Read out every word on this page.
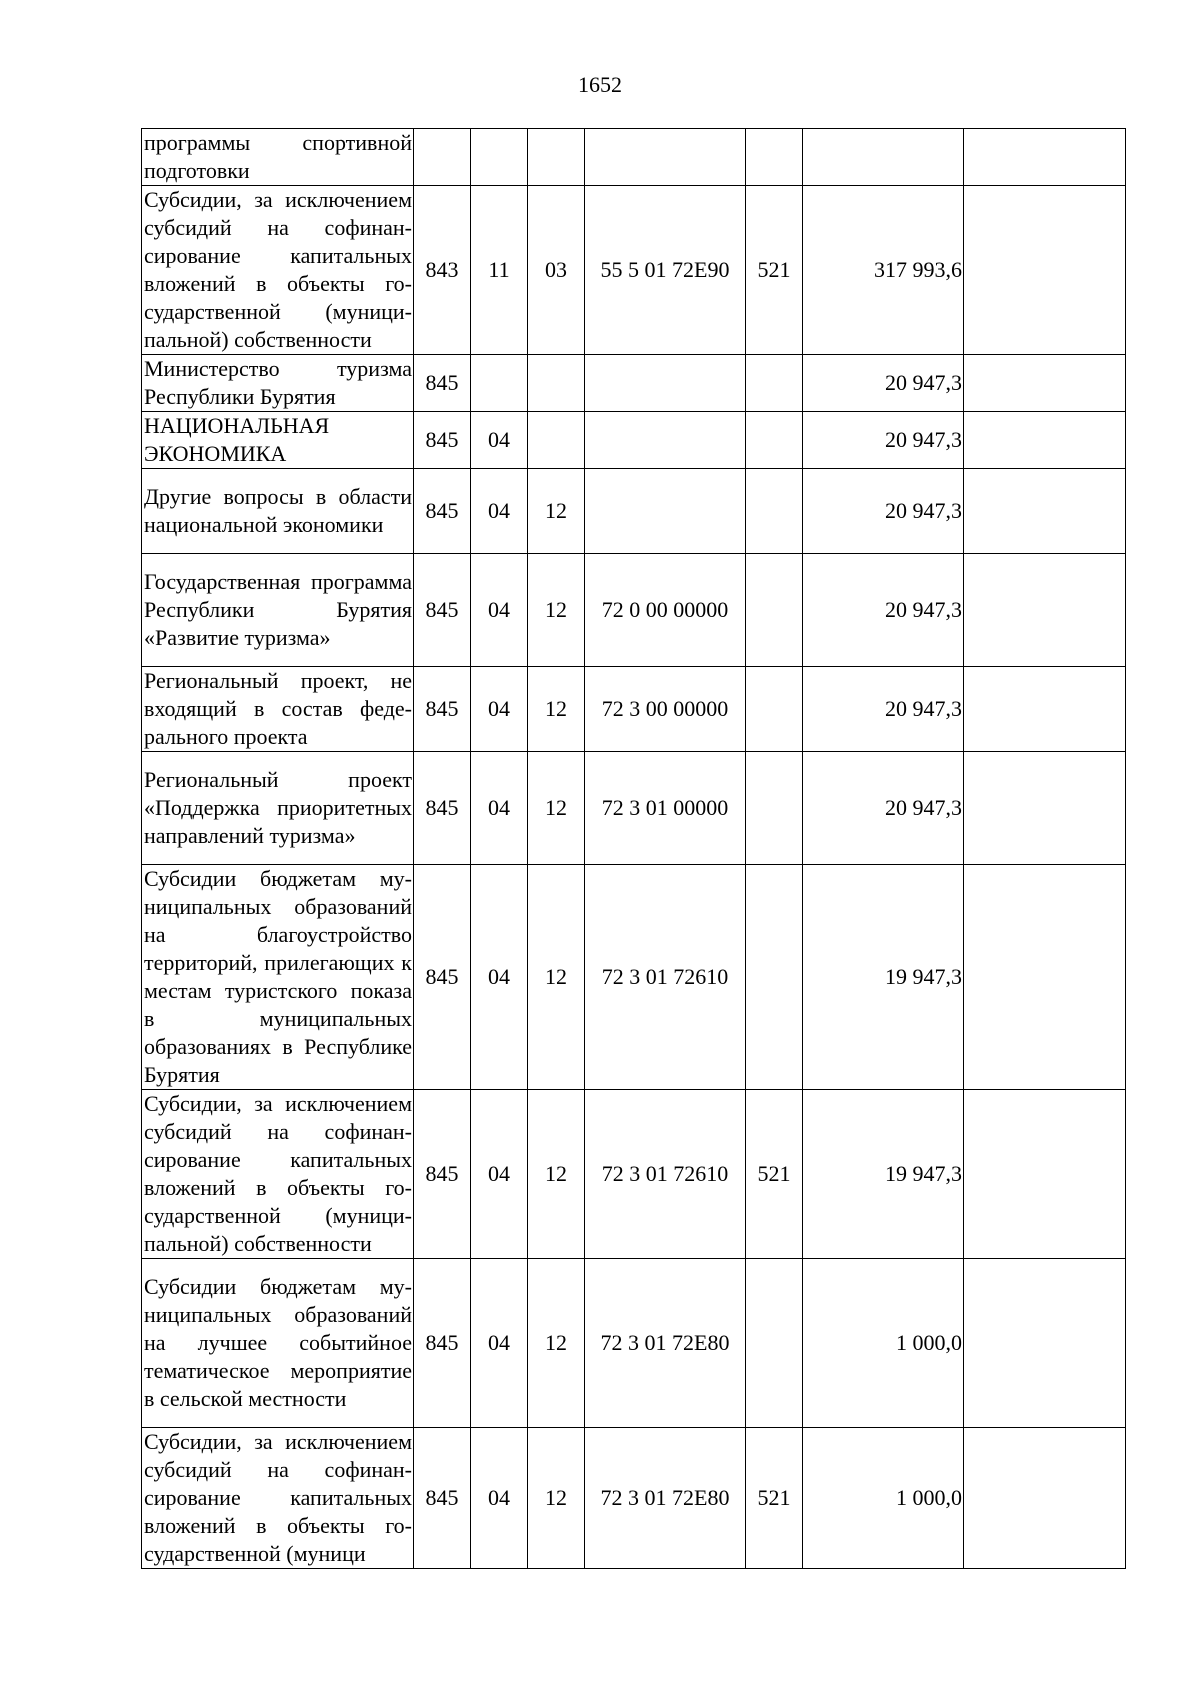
1652
программы спортивной подготовки							
Субсидии, за исключением субсидий на софинансирование капитальных вложений в объекты государственной (муниципальной) собственности	843	11	03	55 5 01 72E90	521	317 993,6	
Министерство туризма Республики Бурятия	845					20 947,3	
НАЦИОНАЛЬНАЯ ЭКОНОМИКА	845	04				20 947,3	
Другие вопросы в области национальной экономики	845	04	12			20 947,3	
Государственная программа Республики Бурятия «Развитие туризма»	845	04	12	72 0 00 00000		20 947,3	
Региональный проект, не входящий в состав федерального проекта	845	04	12	72 3 00 00000		20 947,3	
Региональный проект «Поддержка приоритетных направлений туризма»	845	04	12	72 3 01 00000		20 947,3	
Субсидии бюджетам муниципальных образований на благоустройство территорий, прилегающих к местам туристского показа в муниципальных образованиях в Республике Бурятия	845	04	12	72 3 01 72610		19 947,3	
Субсидии, за исключением субсидий на софинансирование капитальных вложений в объекты государственной (муниципальной) собственности	845	04	12	72 3 01 72610	521	19 947,3	
Субсидии бюджетам муниципальных образований на лучшее событийное тематическое мероприятие в сельской местности	845	04	12	72 3 01 72E80		1 000,0	
Субсидии, за исключением субсидий на софинансирование капитальных вложений в объекты государственной (муници	845	04	12	72 3 01 72E80	521	1 000,0	
